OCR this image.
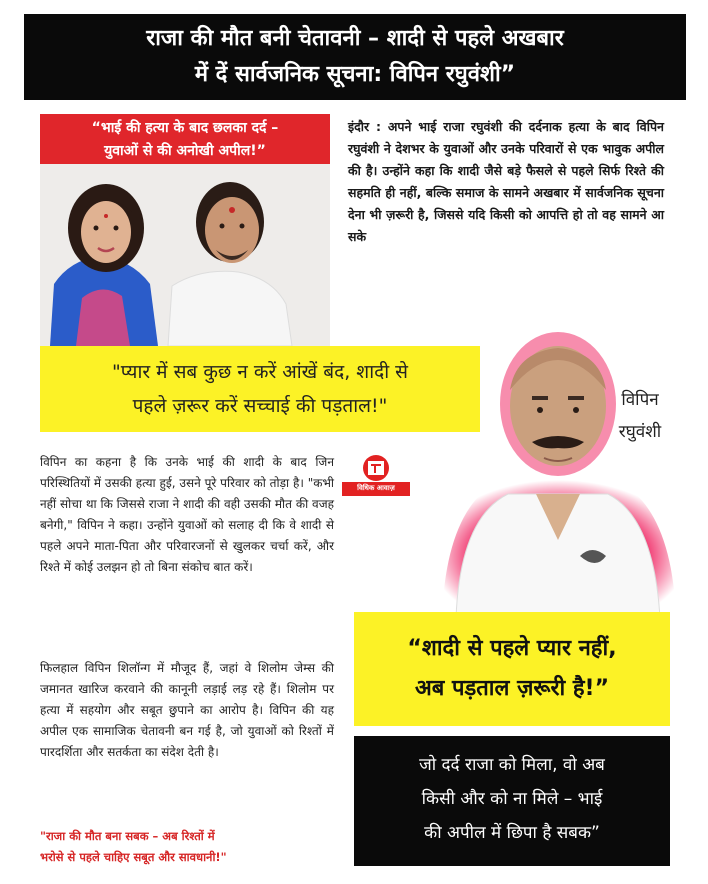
राजा की मौत बनी चेतावनी – शादी से पहले अखबार
में दें सार्वजनिक सूचना: विपिन रघुवंशी”
“भाई की हत्या के बाद छलका दर्द –
युवाओं से की अनोखी अपील!”
इंदौर : अपने भाई राजा रघुवंशी की दर्दनाक हत्या के बाद विपिन रघुवंशी ने देशभर के युवाओं और उनके परिवारों से एक भावुक अपील की है। उन्होंने कहा कि शादी जैसे बड़े फैसले से पहले सिर्फ रिश्ते की सहमति ही नहीं, बल्कि समाज के सामने अखबार में सार्वजनिक सूचना देना भी ज़रूरी है, जिससे यदि किसी को आपत्ति हो तो वह सामने आ सके
"प्यार में सब कुछ न करें आंखें बंद, शादी से
पहले ज़रूर करें सच्चाई की पड़ताल!"	विपिन
रघुवंशी
विधिक आवाज़
विपिन का कहना है कि उनके भाई की शादी के बाद जिन परिस्थितियों में उसकी हत्या हुई, उसने पूरे परिवार को तोड़ा है। "कभी नहीं सोचा था कि जिससे राजा ने शादी की वही उसकी मौत की वजह बनेगी," विपिन ने कहा। उन्होंने युवाओं को सलाह दी कि वे शादी से पहले अपने माता-पिता और परिवारजनों से खुलकर चर्चा करें, और रिश्ते में कोई उलझन हो तो बिना संकोच बात करें।
फिलहाल विपिन शिलॉन्ग में मौजूद हैं, जहां वे शिलोम जेम्स की जमानत खारिज करवाने की कानूनी लड़ाई लड़ रहे हैं। शिलोम पर हत्या में सहयोग और सबूत छुपाने का आरोप है। विपिन की यह अपील एक सामाजिक चेतावनी बन गई है, जो युवाओं को रिश्तों में पारदर्शिता और सतर्कता का संदेश देती है।
"राजा की मौत बना सबक – अब रिश्तों में
भरोसे से पहले चाहिए सबूत और सावधानी!"
“शादी से पहले प्यार नहीं,
अब पड़ताल ज़रूरी है!”
जो दर्द राजा को मिला, वो अब
किसी और को ना मिले – भाई
की अपील में छिपा है सबक”
